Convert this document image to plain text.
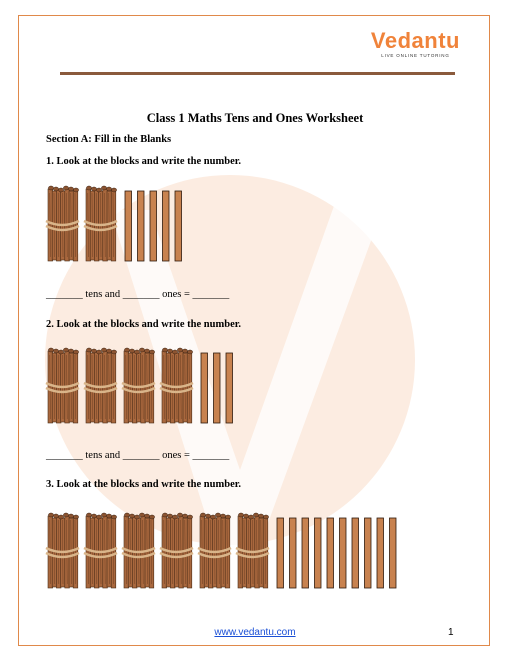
Vedantu
LIVE ONLINE TUTORING
Class 1 Maths Tens and Ones Worksheet
Section A: Fill in the Blanks
1. Look at the blocks and write the number.
_______ tens and _______ ones = _______
2. Look at the blocks and write the number.
_______ tens and _______ ones = _______
3. Look at the blocks and write the number.
www.vedantu.com	1
